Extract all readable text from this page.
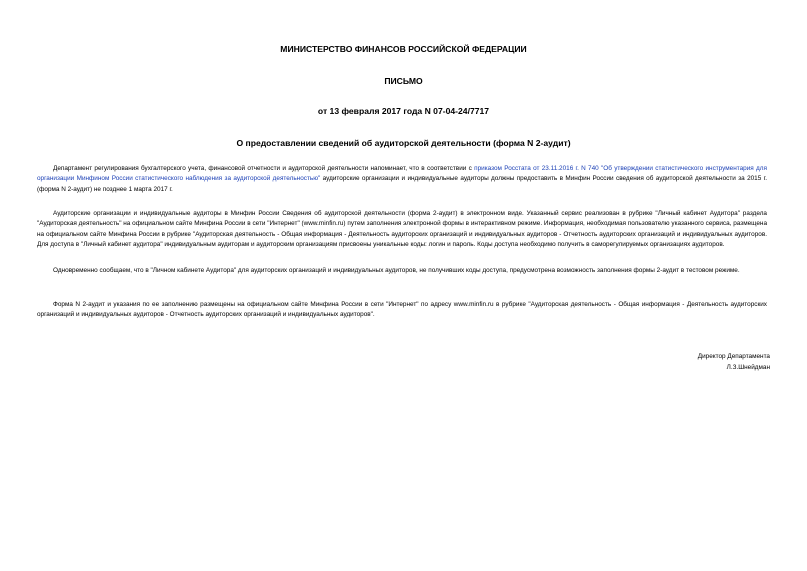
МИНИСТЕРСТВО ФИНАНСОВ РОССИЙСКОЙ ФЕДЕРАЦИИ

ПИСЬМО

от 13 февраля 2017 года N 07-04-24/7717

О предоставлении сведений об аудиторской деятельности (форма N 2-аудит)

Департамент регулирования бухгалтерского учета, финансовой отчетности и аудиторской деятельности напоминает, что в соответствии с приказом Росстата от 23.11.2016 г. N 740 "Об утверждении статистического инструментария для организации Минфином России статистического наблюдения за аудиторской деятельностью" аудиторские организации и индивидуальные аудиторы должны предоставить в Минфин России сведения об аудиторской деятельности за 2015 г. (форма N 2-аудит) не позднее 1 марта 2017 г.

Аудиторские организации и индивидуальные аудиторы в Минфин России Сведения об аудиторской деятельности (форма 2-аудит) в электронном виде. Указанный сервис реализован в рубрике "Личный кабинет Аудитора" раздела "Аудиторская деятельность" на официальном сайте Минфина России в сети "Интернет" (www.minfin.ru) путем заполнения электронной формы в интерактивном режиме. Информация, необходимая пользователю указанного сервиса, размещена на официальном сайте Минфина России в рубрике "Аудиторская деятельность - Общая информация - Деятельность аудиторских организаций и индивидуальных аудиторов - Отчетность аудиторских организаций и индивидуальных аудиторов. Для доступа в "Личный кабинет аудитора" индивидуальным аудиторам и аудиторским организациям присвоены уникальные коды: логин и пароль. Коды доступа необходимо получить в саморегулируемых организациях аудиторов.

Одновременно сообщаем, что в "Личном кабинете Аудитора" для аудиторских организаций и индивидуальных аудиторов, не получивших коды доступа, предусмотрена возможность заполнения формы 2-аудит в тестовом режиме.

Форма N 2-аудит и указания по ее заполнению размещены на официальном сайте Минфина России в сети "Интернет" по адресу www.minfin.ru в рубрике "Аудиторская деятельность - Общая информация - Деятельность аудиторских организаций и индивидуальных аудиторов - Отчетность аудиторских организаций и индивидуальных аудиторов".

Директор Департамента

Л.З.Шнейдман
